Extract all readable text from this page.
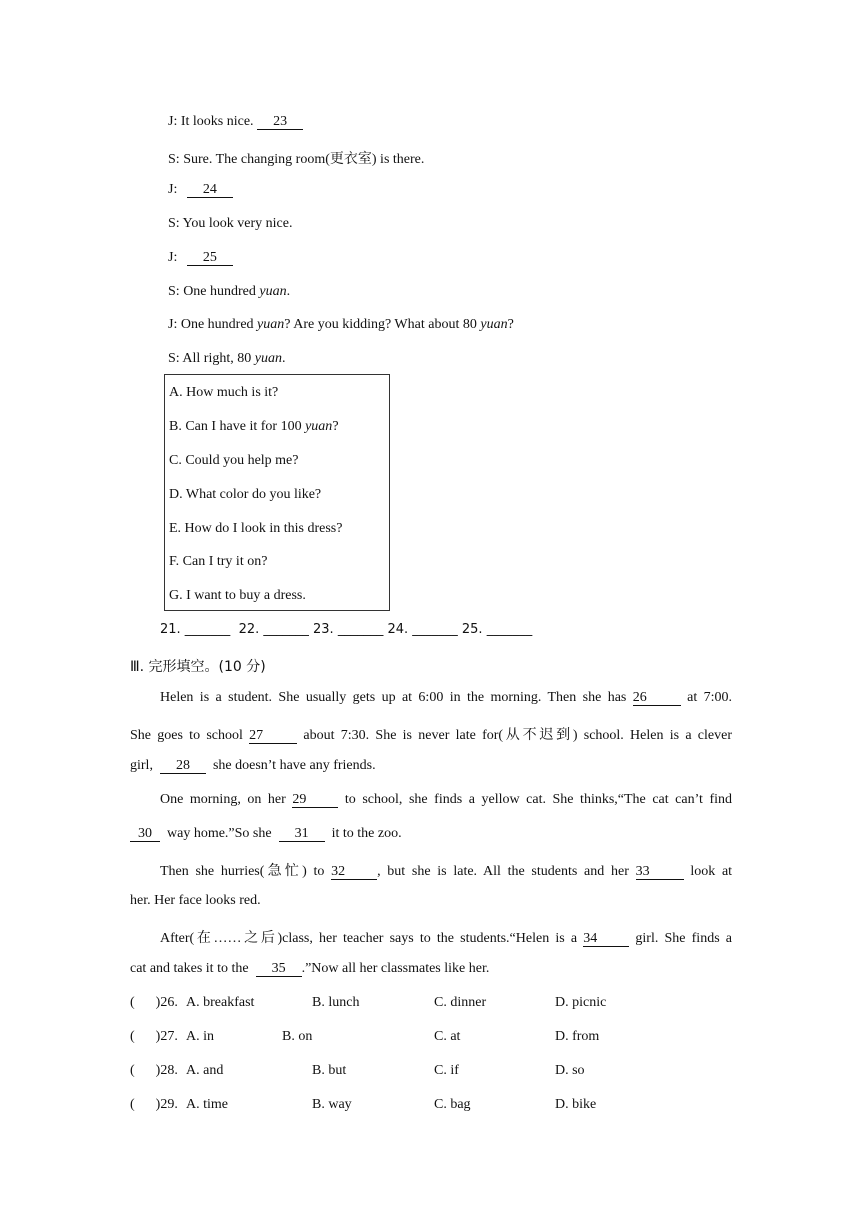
J: It looks nice. 23
S: Sure. The changing room(更衣室) is there.
J: 24
S: You look very nice.
J: 25
S: One hundred yuan.
J: One hundred yuan? Are you kidding? What about 80 yuan?
S: All right, 80 yuan.
A. How much is it?
B. Can I have it for 100 yuan?
C. Could you help me?
D. What color do you like?
E. How do I look in this dress?
F. Can I try it on?
G. I want to buy a dress.
21. _______  22. _______ 23. _______ 24. _______ 25. _______
Ⅲ. 完形填空。(10 分)
Helen is a student. She usually gets up at 6:00 in the morning. Then she has 26	at 7:00.
She goes to school 27	about 7:30. She is never late for(从不迟到) school. Helen is a clever
girl, 28 she doesn’t have any friends.
One morning, on her 29	to school, she finds a yellow cat. She thinks,“The cat can’t find
30 way home.”So she 31 it to the zoo.
Then she hurries(急忙) to 32 , but she is late. All the students and her 33	look at
her. Her face looks red.
After(在……之后)class, her teacher says to the students.“Helen is a 34	girl. She finds a
cat and takes it to the 35 .”Now all her classmates like her.
(      )26. A. breakfast	B. lunch	C. dinner	D. picnic
(      )27. A. in	B. on	C. at	D. from
(      )28. A. and	B. but	C. if	D. so
(      )29. A. time	B. way	C. bag	D. bike
